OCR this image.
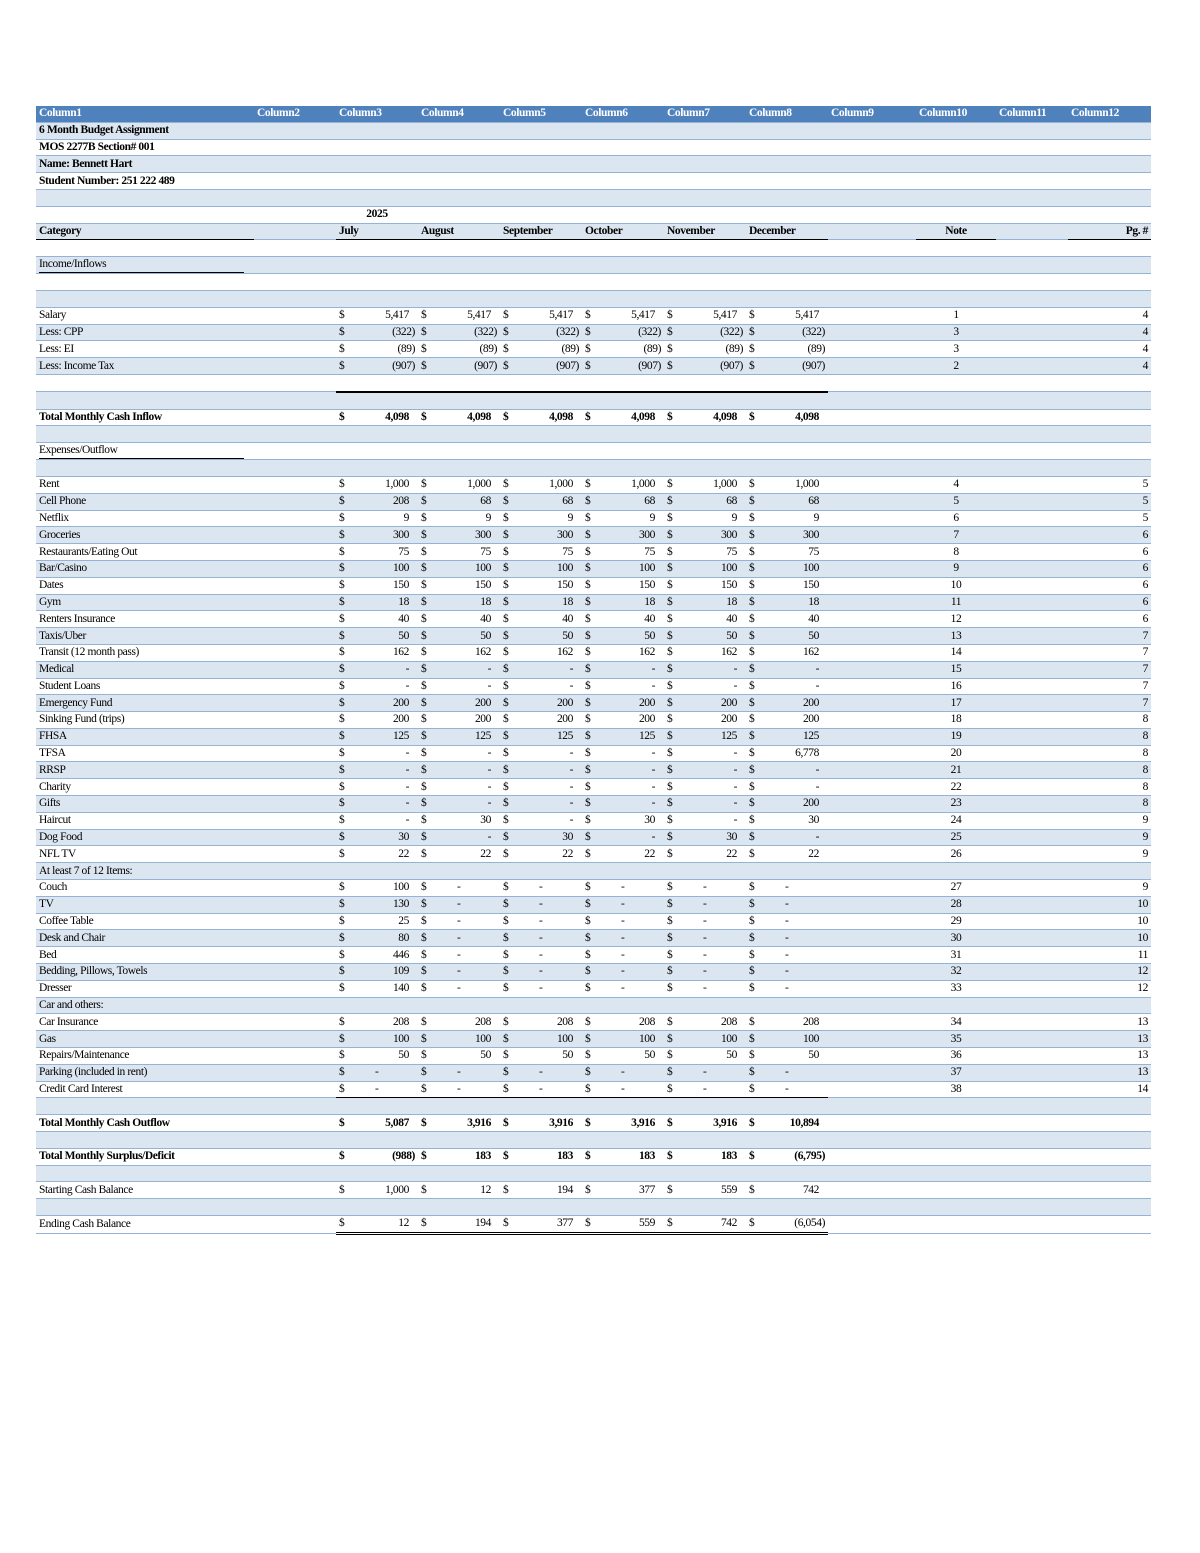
Column1	Column2	Column3	Column4	Column5	Column6	Column7	Column8	Column9	Column10	Column11	Column12
6 Month Budget Assignment											
MOS 2277B Section# 001											
Name: Bennett Hart											
Student Number: 251 222 489											

		2025									
Category		July	August	September	October	November	December		Note		Pg. #

Income/Inflows											

Salary		$ 5,417	$ 5,417	$ 5,417	$ 5,417	$ 5,417	$ 5,417		1		4
Less: CPP		$ (322)	$ (322)	$ (322)	$ (322)	$ (322)	$ (322)		3		4
Less: EI		$ (89)	$ (89)	$ (89)	$ (89)	$ (89)	$ (89)		3		4
Less: Income Tax		$ (907)	$ (907)	$ (907)	$ (907)	$ (907)	$ (907)		2		4

Total Monthly Cash Inflow		$ 4,098	$ 4,098	$ 4,098	$ 4,098	$ 4,098	$ 4,098				

Expenses/Outflow											

Rent		$ 1,000	$ 1,000	$ 1,000	$ 1,000	$ 1,000	$ 1,000		4		5
Cell Phone		$ 208	$ 68	$ 68	$ 68	$ 68	$ 68		5		5
Netflix		$ 9	$ 9	$ 9	$ 9	$ 9	$ 9		6		5
Groceries		$ 300	$ 300	$ 300	$ 300	$ 300	$ 300		7		6
Restaurants/Eating Out		$ 75	$ 75	$ 75	$ 75	$ 75	$ 75		8		6
Bar/Casino		$ 100	$ 100	$ 100	$ 100	$ 100	$ 100		9		6
Dates		$ 150	$ 150	$ 150	$ 150	$ 150	$ 150		10		6
Gym		$ 18	$ 18	$ 18	$ 18	$ 18	$ 18		11		6
Renters Insurance		$ 40	$ 40	$ 40	$ 40	$ 40	$ 40		12		6
Taxis/Uber		$ 50	$ 50	$ 50	$ 50	$ 50	$ 50		13		7
Transit (12 month pass)		$ 162	$ 162	$ 162	$ 162	$ 162	$ 162		14		7
Medical		$ -	$ -	$ -	$ -	$ -	$ -		15		7
Student Loans		$ -	$ -	$ -	$ -	$ -	$ -		16		7
Emergency Fund		$ 200	$ 200	$ 200	$ 200	$ 200	$ 200		17		7
Sinking Fund (trips)		$ 200	$ 200	$ 200	$ 200	$ 200	$ 200		18		8
FHSA		$ 125	$ 125	$ 125	$ 125	$ 125	$ 125		19		8
TFSA		$ -	$ -	$ -	$ -	$ -	$ 6,778		20		8
RRSP		$ -	$ -	$ -	$ -	$ -	$ -		21		8
Charity		$ -	$ -	$ -	$ -	$ -	$ -		22		8
Gifts		$ -	$ -	$ -	$ -	$ -	$ 200		23		8
Haircut		$ -	$ 30	$ -	$ 30	$ -	$ 30		24		9
Dog Food		$ 30	$ -	$ 30	$ -	$ 30	$ -		25		9
NFL TV		$ 22	$ 22	$ 22	$ 22	$ 22	$ 22		26		9
At least 7 of 12 Items:											
Couch		$ 100	$ -	$ -	$ -	$ -	$ -		27		9
TV		$ 130	$ -	$ -	$ -	$ -	$ -		28		10
Coffee Table		$ 25	$ -	$ -	$ -	$ -	$ -		29		10
Desk and Chair		$ 80	$ -	$ -	$ -	$ -	$ -		30		10
Bed		$ 446	$ -	$ -	$ -	$ -	$ -		31		11
Bedding, Pillows, Towels		$ 109	$ -	$ -	$ -	$ -	$ -		32		12
Dresser		$ 140	$ -	$ -	$ -	$ -	$ -		33		12
Car and others:											
Car Insurance		$ 208	$ 208	$ 208	$ 208	$ 208	$ 208		34		13
Gas		$ 100	$ 100	$ 100	$ 100	$ 100	$ 100		35		13
Repairs/Maintenance		$ 50	$ 50	$ 50	$ 50	$ 50	$ 50		36		13
Parking (included in rent)		$ -	$ -	$ -	$ -	$ -	$ -		37		13
Credit Card Interest		$ -	$ -	$ -	$ -	$ -	$ -		38		14

Total Monthly Cash Outflow		$ 5,087	$ 3,916	$ 3,916	$ 3,916	$ 3,916	$ 10,894				

Total Monthly Surplus/Deficit		$ (988)	$ 183	$ 183	$ 183	$ 183	$ (6,795)				

Starting Cash Balance		$ 1,000	$ 12	$ 194	$ 377	$ 559	$ 742				

Ending Cash Balance		$ 12	$ 194	$ 377	$ 559	$ 742	$ (6,054)				
